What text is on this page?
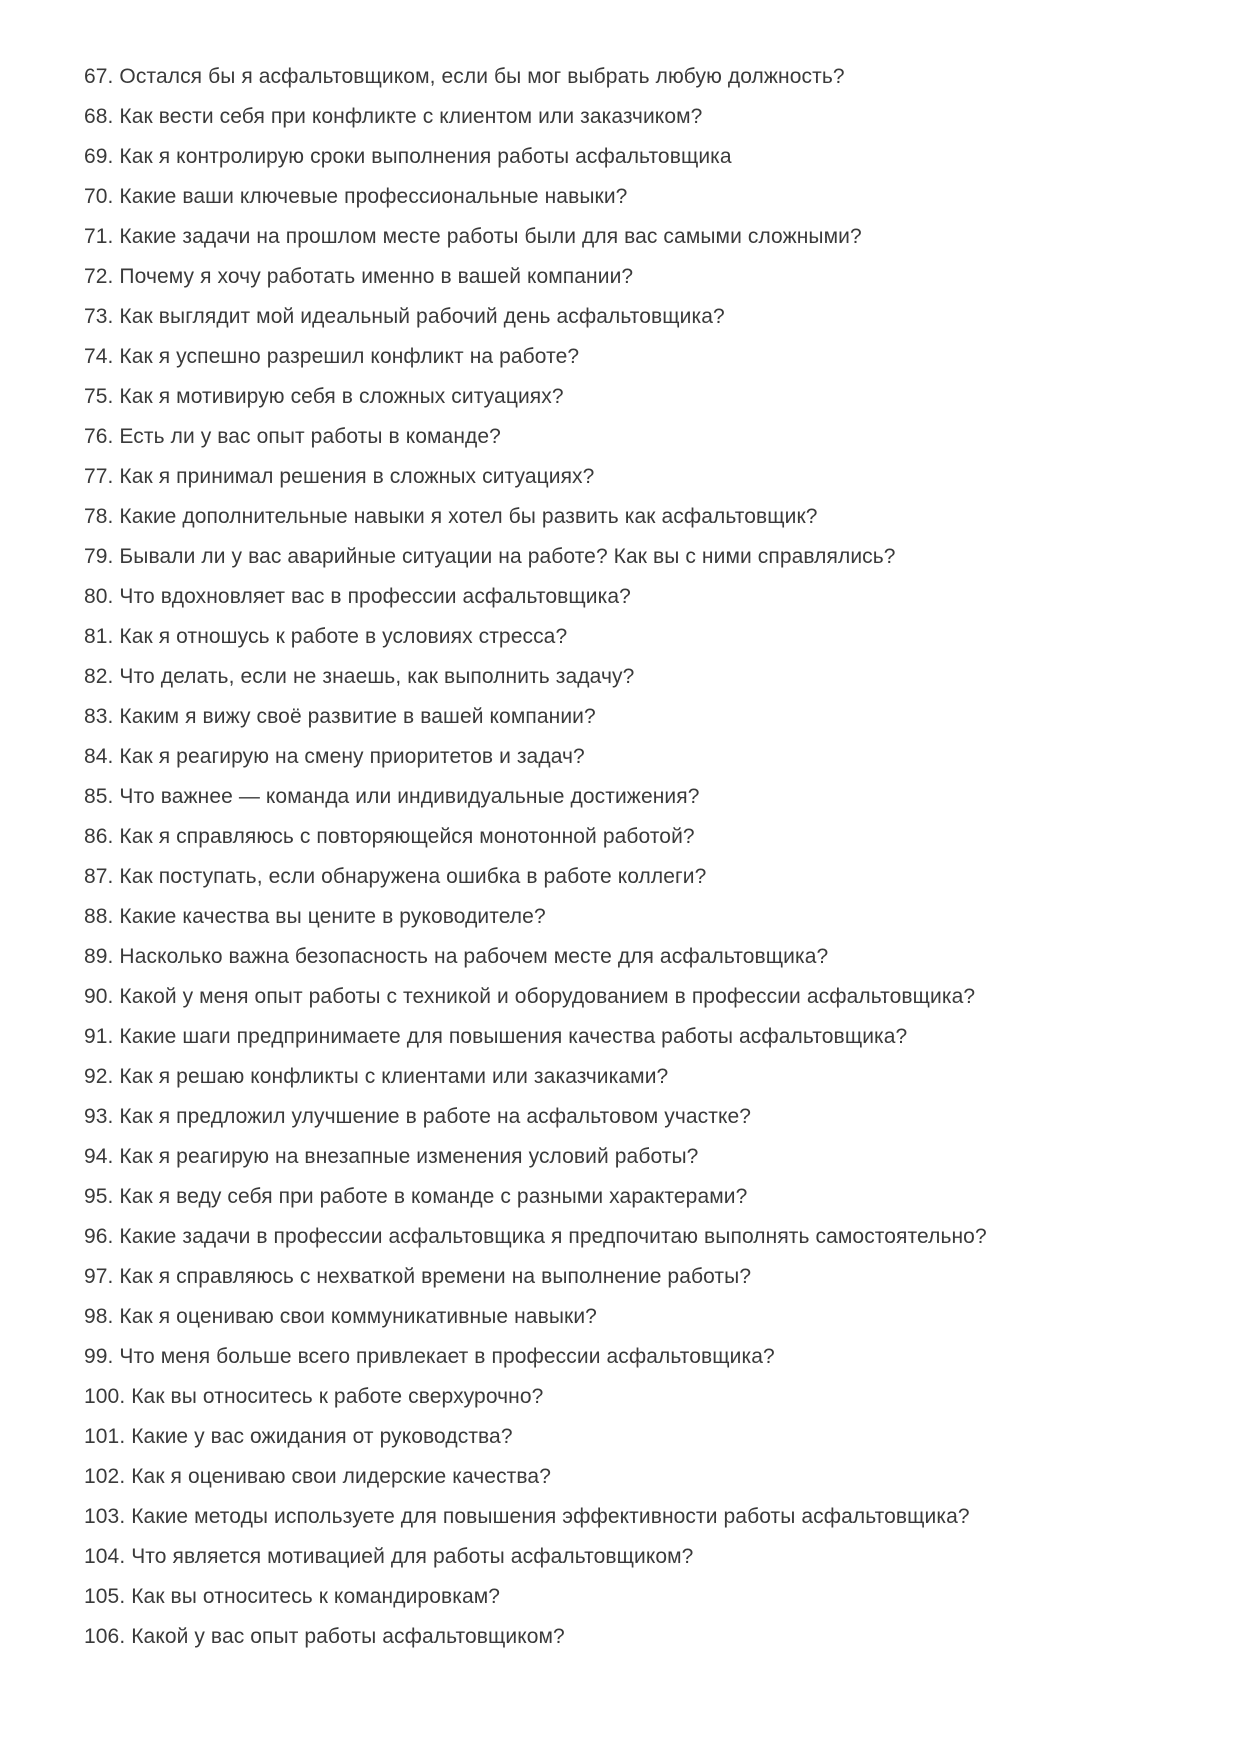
67. Остался бы я асфальтовщиком, если бы мог выбрать любую должность?

68. Как вести себя при конфликте с клиентом или заказчиком?

69. Как я контролирую сроки выполнения работы асфальтовщика

70. Какие ваши ключевые профессиональные навыки?

71. Какие задачи на прошлом месте работы были для вас самыми сложными?

72. Почему я хочу работать именно в вашей компании?

73. Как выглядит мой идеальный рабочий день асфальтовщика?

74. Как я успешно разрешил конфликт на работе?

75. Как я мотивирую себя в сложных ситуациях?

76. Есть ли у вас опыт работы в команде?

77. Как я принимал решения в сложных ситуациях?

78. Какие дополнительные навыки я хотел бы развить как асфальтовщик?

79. Бывали ли у вас аварийные ситуации на работе? Как вы с ними справлялись?

80. Что вдохновляет вас в профессии асфальтовщика?

81. Как я отношусь к работе в условиях стресса?

82. Что делать, если не знаешь, как выполнить задачу?

83. Каким я вижу своё развитие в вашей компании?

84. Как я реагирую на смену приоритетов и задач?

85. Что важнее — команда или индивидуальные достижения?

86. Как я справляюсь с повторяющейся монотонной работой?

87. Как поступать, если обнаружена ошибка в работе коллеги?

88. Какие качества вы цените в руководителе?

89. Насколько важна безопасность на рабочем месте для асфальтовщика?

90. Какой у меня опыт работы с техникой и оборудованием в профессии асфальтовщика?

91. Какие шаги предпринимаете для повышения качества работы асфальтовщика?

92. Как я решаю конфликты с клиентами или заказчиками?

93. Как я предложил улучшение в работе на асфальтовом участке?

94. Как я реагирую на внезапные изменения условий работы?

95. Как я веду себя при работе в команде с разными характерами?

96. Какие задачи в профессии асфальтовщика я предпочитаю выполнять самостоятельно?

97. Как я справляюсь с нехваткой времени на выполнение работы?

98. Как я оцениваю свои коммуникативные навыки?

99. Что меня больше всего привлекает в профессии асфальтовщика?

100. Как вы относитесь к работе сверхурочно?

101. Какие у вас ожидания от руководства?

102. Как я оцениваю свои лидерские качества?

103. Какие методы используете для повышения эффективности работы асфальтовщика?

104. Что является мотивацией для работы асфальтовщиком?

105. Как вы относитесь к командировкам?

106. Какой у вас опыт работы асфальтовщиком?
